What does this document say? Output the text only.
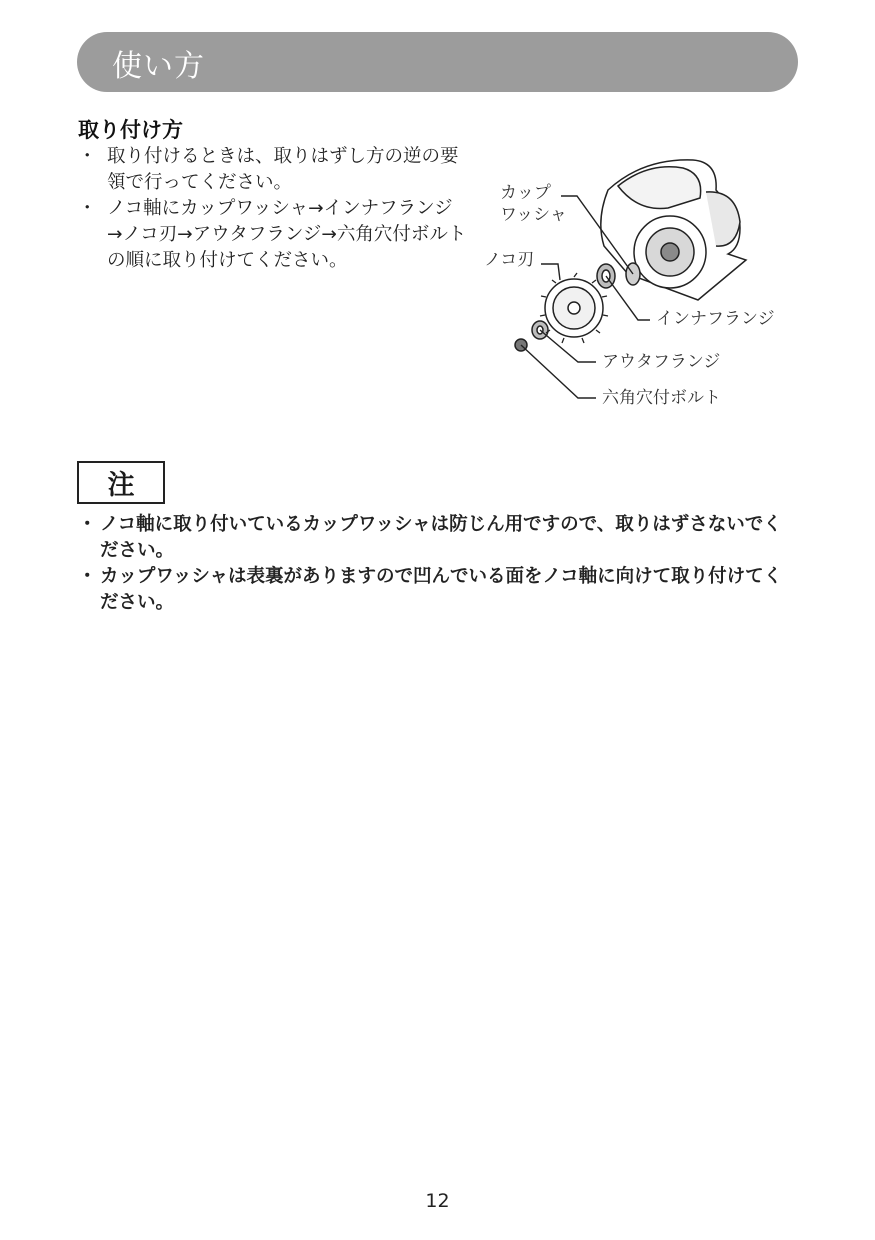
使い方
取り付け方
・ 取り付けるときは、取りはずし方の逆の要領で行ってください。
・ ノコ軸にカップワッシャ→インナフランジ→ノコ刃→アウタフランジ→六角穴付ボルトの順に取り付けてください。
カップ
ワッシャ
ノコ刃
インナフランジ
アウタフランジ
六角穴付ボルト
注
・ ノコ軸に取り付いているカップワッシャは防じん用ですので、取りはずさないでください。
・ カップワッシャは表裏がありますので凹んでいる面をノコ軸に向けて取り付けてください。
12
